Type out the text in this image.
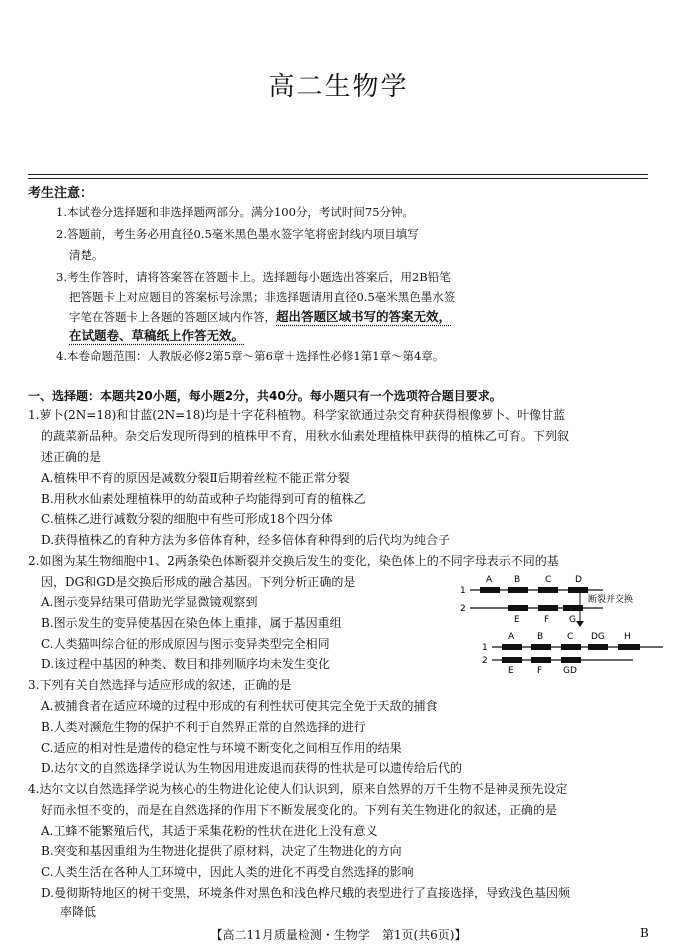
高二生物学
考生注意：
1.本试卷分选择题和非选择题两部分。满分100分，考试时间75分钟。
2.答题前，考生务必用直径0.5毫米黑色墨水签字笔将密封线内项目填写
清楚。
3.考生作答时，请将答案答在答题卡上。选择题每小题选出答案后，用2B铅笔
把答题卡上对应题目的答案标号涂黑；非选择题请用直径0.5毫米黑色墨水签
字笔在答题卡上各题的答题区域内作答，超出答题区域书写的答案无效，
在试题卷、草稿纸上作答无效。
4.本卷命题范围：人教版必修2第5章～第6章＋选择性必修1第1章～第4章。
一、选择题：本题共20小题，每小题2分，共40分。每小题只有一个选项符合题目要求。
1.萝卜(2N=18)和甘蓝(2N=18)均是十字花科植物。科学家欲通过杂交育种获得根像萝卜、叶像甘蓝
的蔬菜新品种。杂交后发现所得到的植株甲不育，用秋水仙素处理植株甲获得的植株乙可育。下列叙
述正确的是
A.植株甲不育的原因是减数分裂Ⅱ后期着丝粒不能正常分裂
B.用秋水仙素处理植株甲的幼苗或种子均能得到可育的植株乙
C.植株乙进行减数分裂的细胞中有些可形成18个四分体
D.获得植株乙的育种方法为多倍体育种，经多倍体育种得到的后代均为纯合子
2.如图为某生物细胞中1、2两条染色体断裂并交换后发生的变化，染色体上的不同字母表示不同的基
因，DG和GD是交换后形成的融合基因。下列分析正确的是
A.图示变异结果可借助光学显微镜观察到
B.图示发生的变异使基因在染色体上重排，属于基因重组
C.人类猫叫综合征的形成原因与图示变异类型完全相同
D.该过程中基因的种类、数目和排列顺序均未发生变化
A B	C	D
1
2
E	F G
断裂并交换
A	B	C DG H
1
2
E	F GD
3.下列有关自然选择与适应形成的叙述，正确的是
A.被捕食者在适应环境的过程中形成的有利性状可使其完全免于天敌的捕食
B.人类对濒危生物的保护不利于自然界正常的自然选择的进行
C.适应的相对性是遗传的稳定性与环境不断变化之间相互作用的结果
D.达尔文的自然选择学说认为生物因用进废退而获得的性状是可以遗传给后代的
4.达尔文以自然选择学说为核心的生物进化论使人们认识到，原来自然界的万千生物不是神灵预先设定
好而永恒不变的，而是在自然选择的作用下不断发展变化的。下列有关生物进化的叙述，正确的是
A.工蜂不能繁殖后代，其适于采集花粉的性状在进化上没有意义
B.突变和基因重组为生物进化提供了原材料，决定了生物进化的方向
C.人类生活在各种人工环境中，因此人类的进化不再受自然选择的影响
D.曼彻斯特地区的树干变黑，环境条件对黑色和浅色桦尺蛾的表型进行了直接选择，导致浅色基因频
率降低
【高二11月质量检测・生物学　第1页(共6页)】	B
